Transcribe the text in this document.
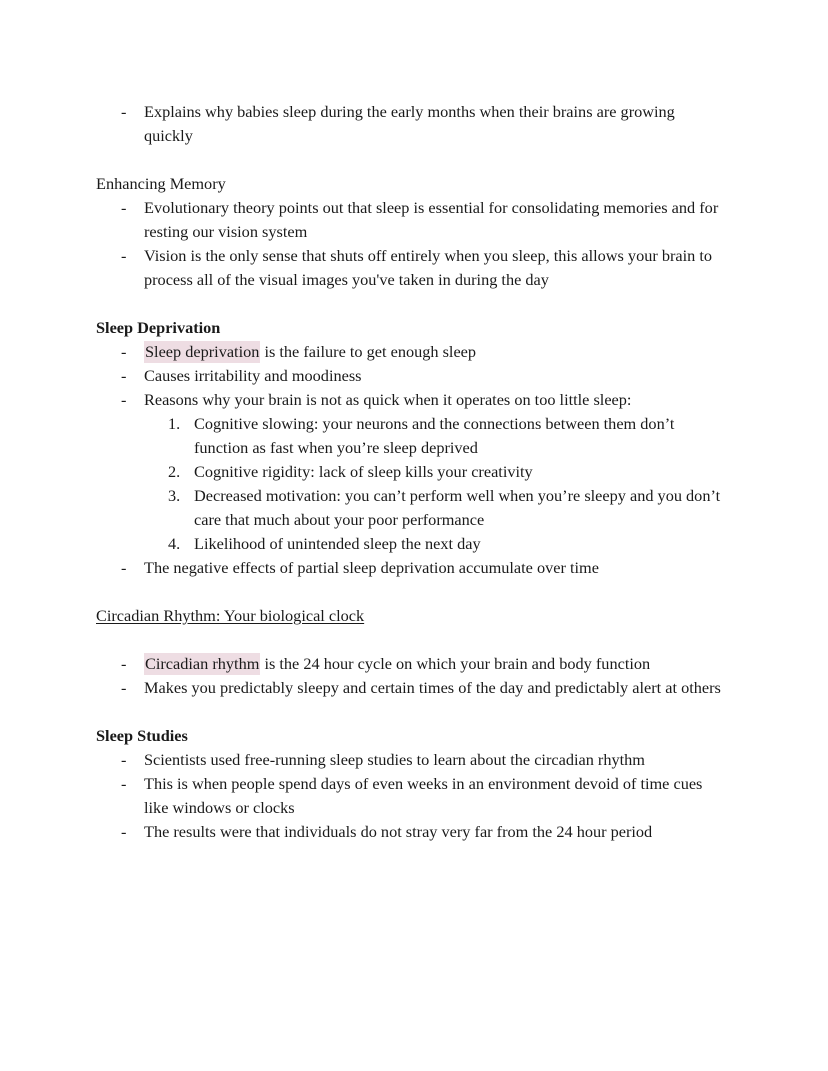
- Explains why babies sleep during the early months when their brains are growing quickly

Enhancing Memory
- Evolutionary theory points out that sleep is essential for consolidating memories and for resting our vision system
- Vision is the only sense that shuts off entirely when you sleep, this allows your brain to process all of the visual images you've taken in during the day

Sleep Deprivation
- Sleep deprivation is the failure to get enough sleep
- Causes irritability and moodiness
- Reasons why your brain is not as quick when it operates on too little sleep:
1. Cognitive slowing: your neurons and the connections between them don’t function as fast when you’re sleep deprived
2. Cognitive rigidity: lack of sleep kills your creativity
3. Decreased motivation: you can’t perform well when you’re sleepy and you don’t care that much about your poor performance
4. Likelihood of unintended sleep the next day
- The negative effects of partial sleep deprivation accumulate over time

Circadian Rhythm: Your biological clock

- Circadian rhythm is the 24 hour cycle on which your brain and body function
- Makes you predictably sleepy and certain times of the day and predictably alert at others

Sleep Studies
- Scientists used free-running sleep studies to learn about the circadian rhythm
- This is when people spend days of even weeks in an environment devoid of time cues like windows or clocks
- The results were that individuals do not stray very far from the 24 hour period
